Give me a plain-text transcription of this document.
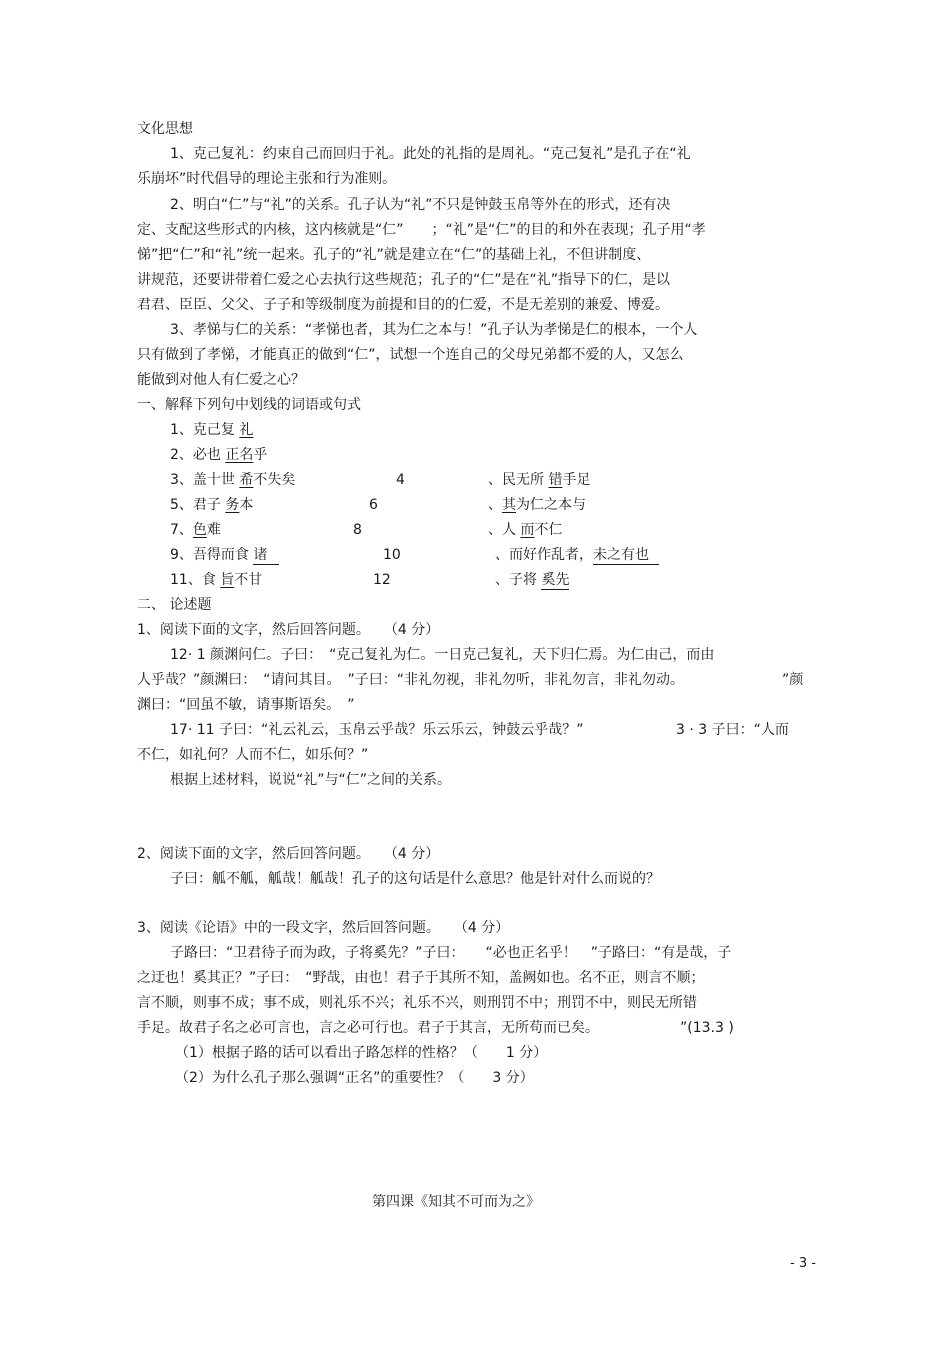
文化思想
1、克己复礼：约束自己而回归于礼。此处的礼指的是周礼。“克己复礼”是孔子在“礼
乐崩坏”时代倡导的理论主张和行为准则。
2、明白“仁”与“礼”的关系。孔子认为“礼”不只是钟鼓玉帛等外在的形式，还有决
定、支配这些形式的内核，这内核就是“仁”　　；“礼”是“仁”的目的和外在表现；孔子用“孝
悌”把“仁”和“礼”统一起来。孔子的“礼”就是建立在“仁”的基础上礼，不但讲制度、
讲规范，还要讲带着仁爱之心去执行这些规范；孔子的“仁”是在“礼”指导下的仁，是以
君君、臣臣、父父、子子和等级制度为前提和目的的仁爱，不是无差别的兼爱、博爱。
3、孝悌与仁的关系：“孝悌也者，其为仁之本与！”孔子认为孝悌是仁的根本，一个人
只有做到了孝悌，才能真正的做到“仁”，试想一个连自己的父母兄弟都不爱的人，又怎么
能做到对他人有仁爱之心？
一、解释下列句中划线的词语或句式
1、克己复 礼
2、必也 正名乎
3、盖十世 希不失矣	4	、民无所 错手足
5、君子 务本	6	、其为仁之本与
7、色难	8	、人 而不仁
9、吾得而食 诸	10	、而好作乱者，未之有也
11、食 旨不甘	12	、子将 奚先
二、 论述题
1、阅读下面的文字，然后回答问题。　　（4 分）
12· 1 颜渊问仁。子曰：　“克己复礼为仁。一日克己复礼，天下归仁焉。为仁由己，而由
人乎哉？”颜渊曰：　“请问其目。　”子曰：“非礼勿视，非礼勿听，非礼勿言，非礼勿动。	”颜
渊曰：“回虽不敏，请事斯语矣。　”
17· 11 子曰：“礼云礼云，玉帛云乎哉？乐云乐云，钟鼓云乎哉？”	3 · 3 子曰：“人而
不仁，如礼何？人而不仁，如乐何？”
根据上述材料，说说“礼”与“仁”之间的关系。
2、阅读下面的文字，然后回答问题。　　（4 分）
子曰：觚不觚，觚哉！觚哉！孔子的这句话是什么意思？他是针对什么而说的？
3、阅读《论语》中的一段文字，然后回答问题。　　（4 分）
子路曰：“卫君待子而为政，子将奚先？”子曰：　　“必也正名乎！　”子路曰：“有是哉，子
之迂也！奚其正？”子曰：　“野哉，由也！君子于其所不知，盖阙如也。名不正，则言不顺；
言不顺，则事不成；事不成，则礼乐不兴；礼乐不兴，则刑罚不中；刑罚不中，则民无所错
手足。故君子名之必可言也，言之必可行也。君子于其言，无所苟而已矣。	”(13.3 )
（1）根据子路的话可以看出子路怎样的性格？（　　1 分）
（2）为什么孔子那么强调“正名”的重要性？（　　3 分）
第四课《知其不可而为之》
- 3 -
